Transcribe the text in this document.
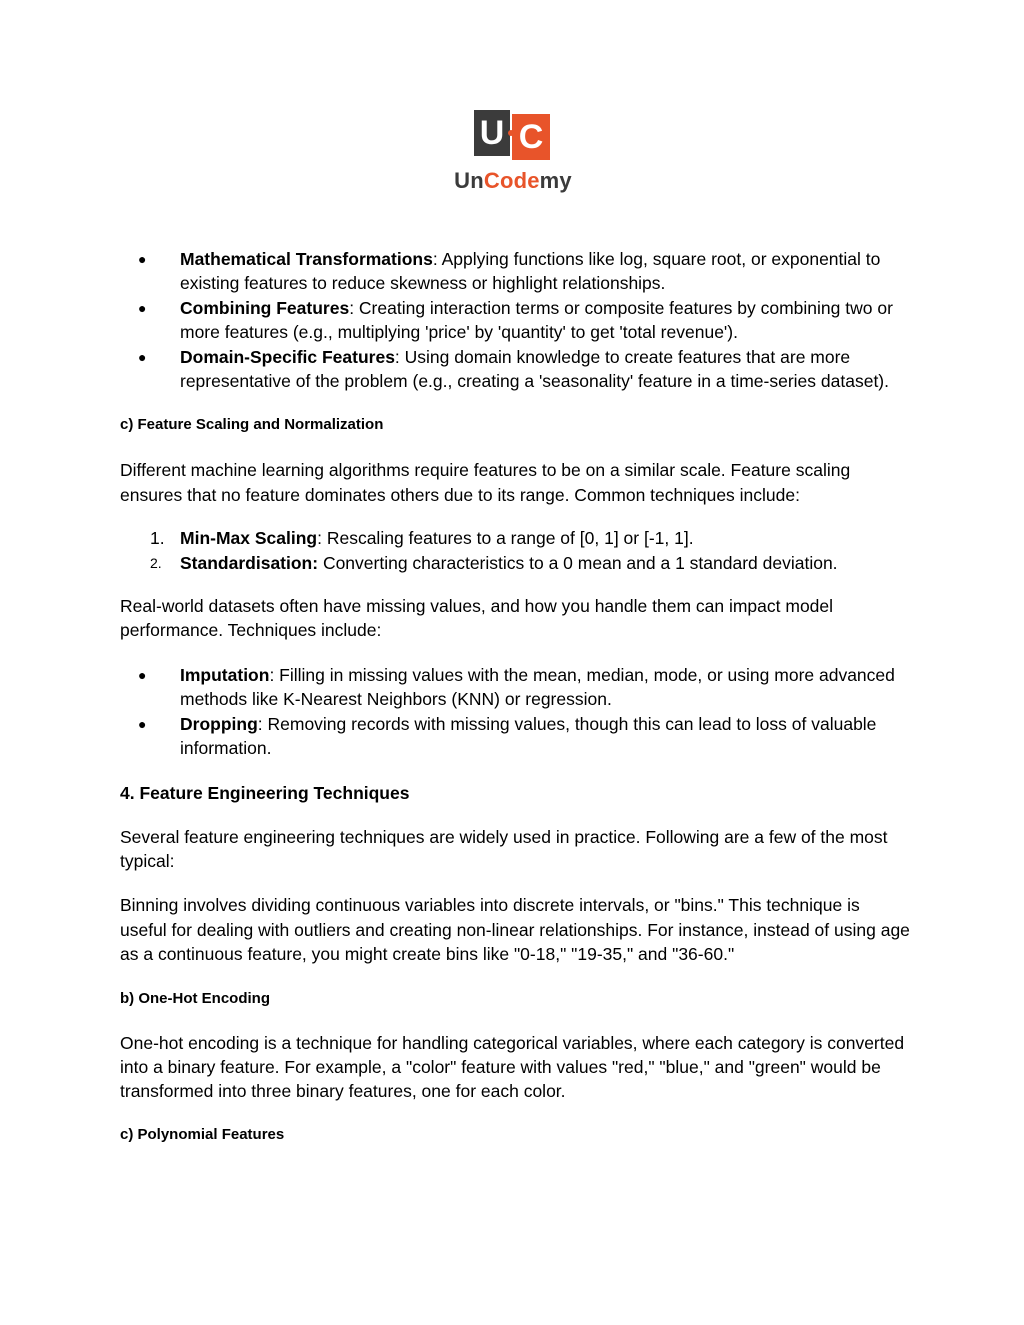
U C
UnCodemy
● Mathematical Transformations: Applying functions like log, square root, or exponential to existing features to reduce skewness or highlight relationships.
● Combining Features: Creating interaction terms or composite features by combining two or more features (e.g., multiplying 'price' by 'quantity' to get 'total revenue').
● Domain-Specific Features: Using domain knowledge to create features that are more representative of the problem (e.g., creating a 'seasonality' feature in a time-series dataset).

c) Feature Scaling and Normalization

Different machine learning algorithms require features to be on a similar scale. Feature scaling ensures that no feature dominates others due to its range. Common techniques include:

1. Min-Max Scaling: Rescaling features to a range of [0, 1] or [-1, 1].
2. Standardisation: Converting characteristics to a 0 mean and a 1 standard deviation.

Real-world datasets often have missing values, and how you handle them can impact model performance. Techniques include:

● Imputation: Filling in missing values with the mean, median, mode, or using more advanced methods like K-Nearest Neighbors (KNN) or regression.
● Dropping: Removing records with missing values, though this can lead to loss of valuable information.

4. Feature Engineering Techniques

Several feature engineering techniques are widely used in practice. Following are a few of the most typical:

Binning involves dividing continuous variables into discrete intervals, or "bins." This technique is useful for dealing with outliers and creating non-linear relationships. For instance, instead of using age as a continuous feature, you might create bins like "0-18," "19-35," and "36-60."

b) One-Hot Encoding

One-hot encoding is a technique for handling categorical variables, where each category is converted into a binary feature. For example, a "color" feature with values "red," "blue," and "green" would be transformed into three binary features, one for each color.

c) Polynomial Features
